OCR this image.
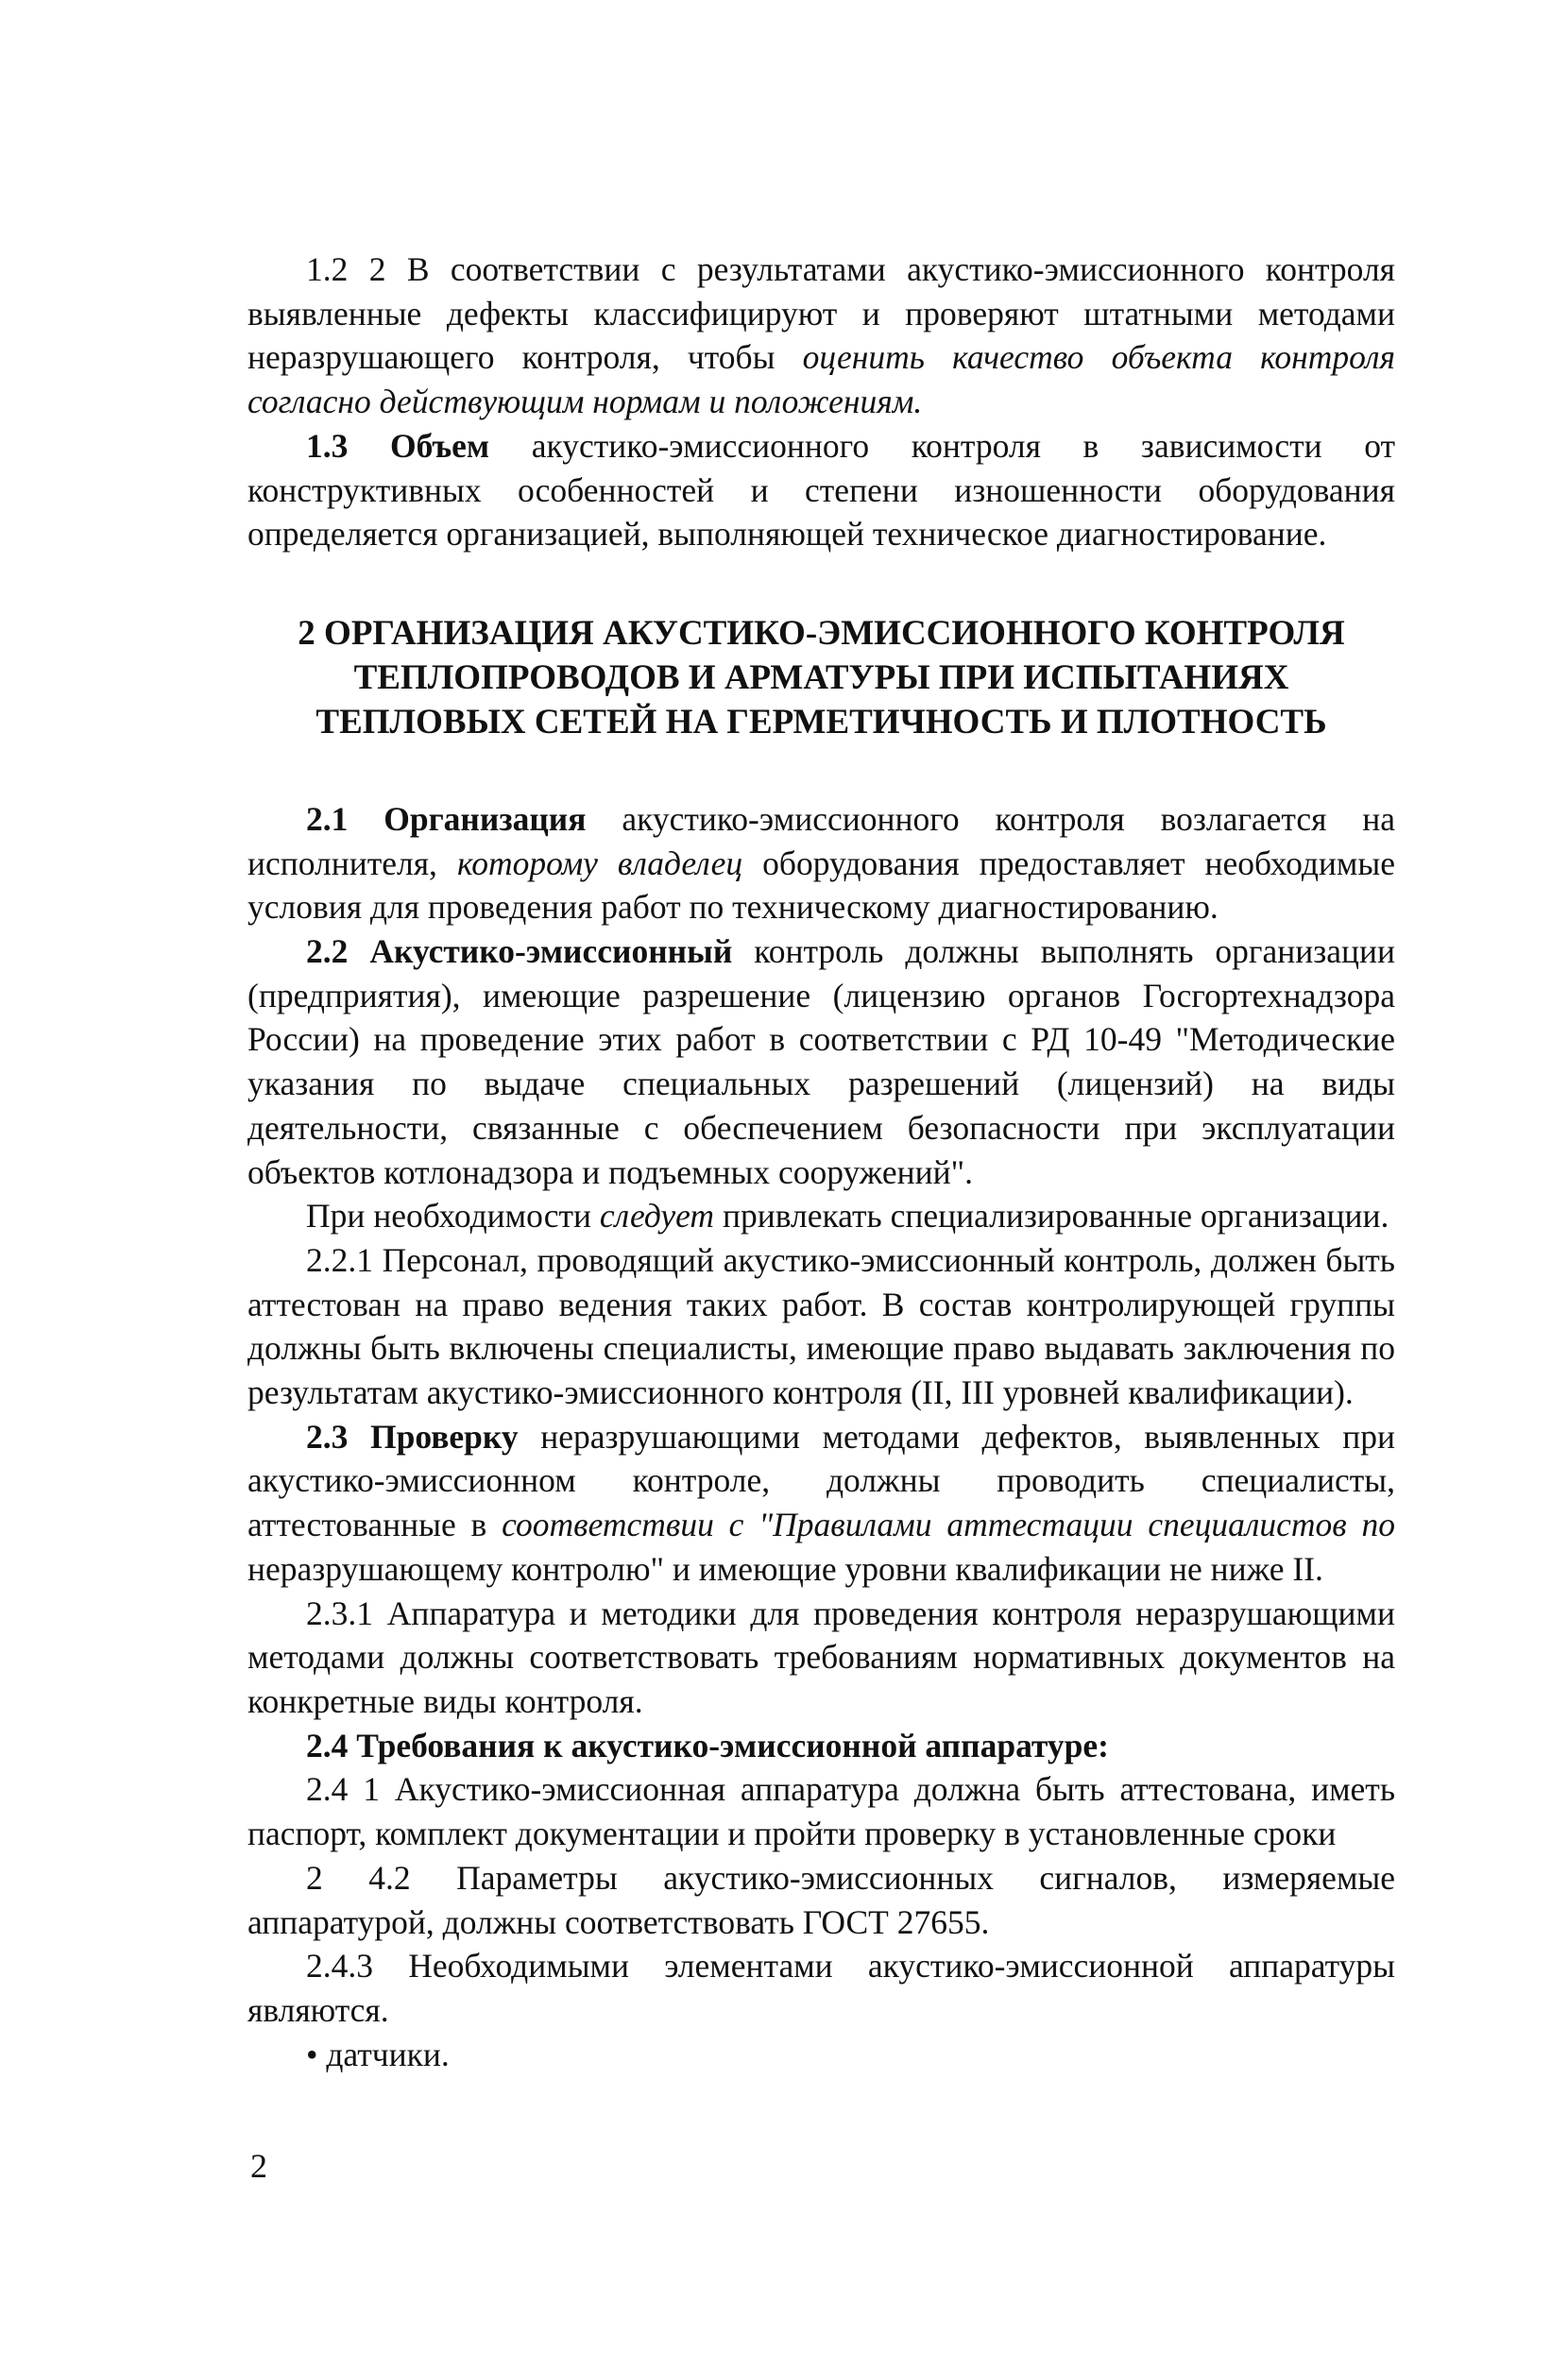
1.2 2 В соответствии с результатами акустико-эмиссионного контроля выявленные дефекты классифицируют и проверяют штатными методами неразрушающего контроля, чтобы оценить качество объекта контроля согласно действующим нормам и положениям.

1.3 Объем акустико-эмиссионного контроля в зависимости от конструктивных особенностей и степени изношенности оборудования определяется организацией, выполняющей техническое диагностирование.

2 ОРГАНИЗАЦИЯ АКУСТИКО-ЭМИССИОННОГО КОНТРОЛЯ
ТЕПЛОПРОВОДОВ И АРМАТУРЫ ПРИ ИСПЫТАНИЯХ
ТЕПЛОВЫХ СЕТЕЙ НА ГЕРМЕТИЧНОСТЬ И ПЛОТНОСТЬ

2.1 Организация акустико-эмиссионного контроля возлагается на исполнителя, которому владелец оборудования предоставляет необходимые условия для проведения работ по техническому диагностированию.

2.2 Акустико-эмиссионный контроль должны выполнять организации (предприятия), имеющие разрешение (лицензию органов Госгортехнадзора России) на проведение этих работ в соответствии с РД 10-49 "Методические указания по выдаче специальных разрешений (лицензий) на виды деятельности, связанные с обеспечением безопасности при эксплуатации объектов котлонадзора и подъемных сооружений".

При необходимости следует привлекать специализированные организации.

2.2.1 Персонал, проводящий акустико-эмиссионный контроль, должен быть аттестован на право ведения таких работ. В состав контролирующей группы должны быть включены специалисты, имеющие право выдавать заключения по результатам акустико-эмиссионного контроля (II, III уровней квалификации).

2.3 Проверку неразрушающими методами дефектов, выявленных при акустико-эмиссионном контроле, должны проводить специалисты, аттестованные в соответствии с "Правилами аттестации специалистов по неразрушающему контролю" и имеющие уровни квалификации не ниже II.

2.3.1 Аппаратура и методики для проведения контроля неразрушающими методами должны соответствовать требованиям нормативных документов на конкретные виды контроля.

2.4 Требования к акустико-эмиссионной аппаратуре:

2.4 1 Акустико-эмиссионная аппаратура должна быть аттестована, иметь паспорт, комплект документации и пройти проверку в установленные сроки

2 4.2 Параметры акустико-эмиссионных сигналов, измеряемые аппаратурой, должны соответствовать ГОСТ 27655.

2.4.3 Необходимыми элементами акустико-эмиссионной аппаратуры являются.

• датчики.

2
